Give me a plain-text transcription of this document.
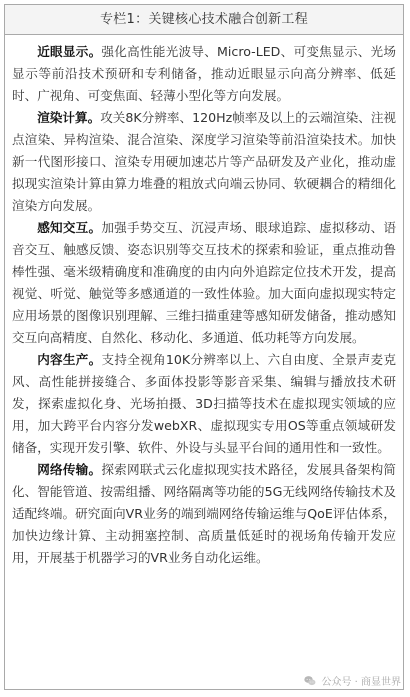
专栏1：关键核心技术融合创新工程

近眼显示。强化高性能光波导、Micro-LED、可变焦显示、光场显示等前沿技术预研和专利储备，推动近眼显示向高分辨率、低延时、广视角、可变焦面、轻薄小型化等方向发展。

渲染计算。攻关8K分辨率、120Hz帧率及以上的云端渲染、注视点渲染、异构渲染、混合渲染、深度学习渲染等前沿渲染技术。加快新一代图形接口、渲染专用硬加速芯片等产品研发及产业化，推动虚拟现实渲染计算由算力堆叠的粗放式向端云协同、软硬耦合的精细化渲染方向发展。

感知交互。加强手势交互、沉浸声场、眼球追踪、虚拟移动、语音交互、触感反馈、姿态识别等交互技术的探索和验证，重点推动鲁棒性强、毫米级精确度和准确度的由内向外追踪定位技术开发，提高视觉、听觉、触觉等多感通道的一致性体验。加大面向虚拟现实特定应用场景的图像识别理解、三维扫描重建等感知研发储备，推动感知交互向高精度、自然化、移动化、多通道、低功耗等方向发展。

内容生产。支持全视角10K分辨率以上、六自由度、全景声麦克风、高性能拼接缝合、多面体投影等影音采集、编辑与播放技术研发，探索虚拟化身、光场拍摄、3D扫描等技术在虚拟现实领域的应用，加大跨平台内容分发webXR、虚拟现实专用OS等重点领域研发储备，实现开发引擎、软件、外设与头显平台间的通用性和一致性。

网络传输。探索网联式云化虚拟现实技术路径，发展具备架构简化、智能管道、按需组播、网络隔离等功能的5G无线网络传输技术及适配终端。研究面向VR业务的端到端网络传输运维与QoE评估体系，加快边缘计算、主动拥塞控制、高质量低延时的视场角传输开发应用，开展基于机器学习的VR业务自动化运维。

公众号 · 商显世界
